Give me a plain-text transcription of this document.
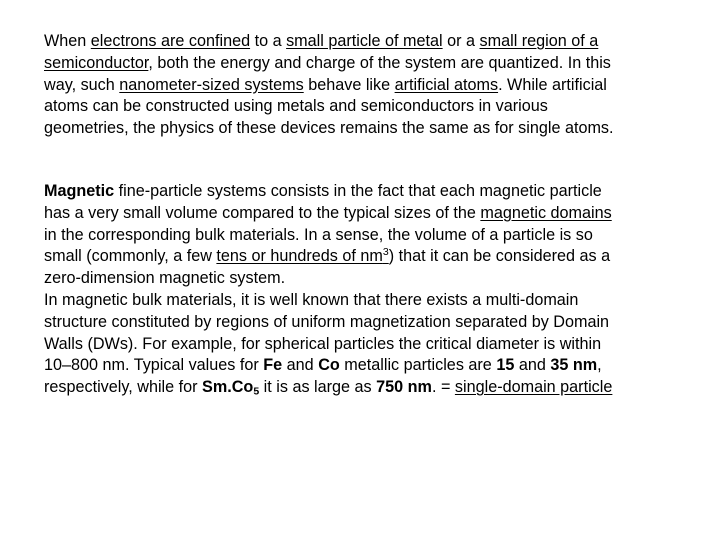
When electrons are confined to a small particle of metal or a small region of a
semiconductor, both the energy and charge of the system are quantized. In this
way, such nanometer-sized systems behave like artificial atoms. While artificial
atoms can be constructed using metals and semiconductors in various
geometries, the physics of these devices remains the same as for single atoms.

Magnetic fine-particle systems consists in the fact that each magnetic particle
has a very small volume compared to the typical sizes of the magnetic domains
in the corresponding bulk materials. In a sense, the volume of a particle is so
small (commonly, a few tens or hundreds of $nm^3$) that it can be considered as a
zero-dimension magnetic system.
In magnetic bulk materials, it is well known that there exists a multi-domain
structure constituted by regions of uniform magnetization separated by Domain
Walls (DWs). For example, for spherical particles the critical diameter is within
10–800 nm. Typical values for Fe and Co metallic particles are 15 and 35 nm,
respectively, while for $Sm.Co_5$ it is as large as 750 nm. = single-domain particle
